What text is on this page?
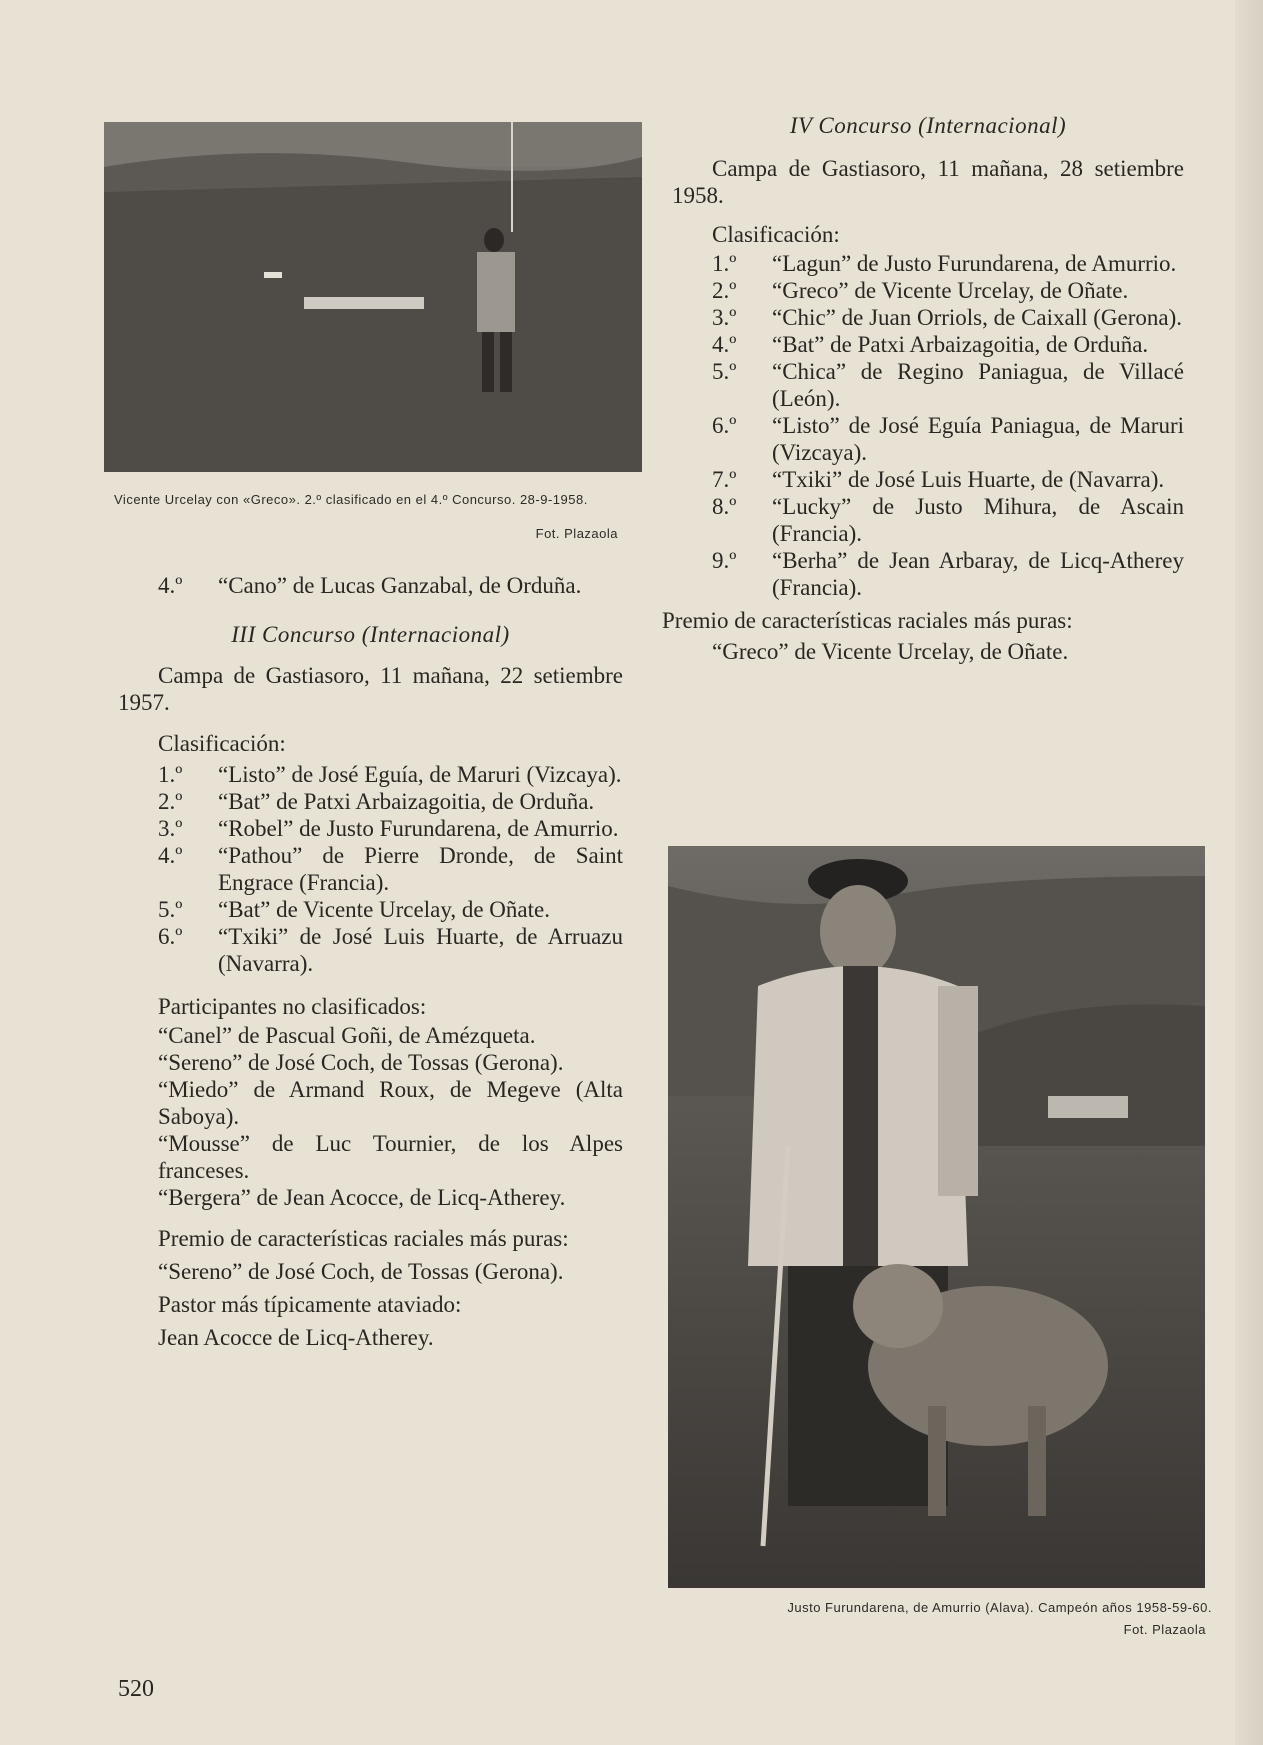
Vicente Urcelay con «Greco». 2.º clasificado en el 4.º Concurso. 28-9-1958.
Fot. Plazaola
4.º	“Cano” de Lucas Ganzabal, de Orduña.
III Concurso (Internacional)
Campa de Gastiasoro, 11 mañana, 22 setiembre 1957.
Clasificación:
1.º	“Listo” de José Eguía, de Maruri (Vizcaya).
2.º	“Bat” de Patxi Arbaizagoitia, de Orduña.
3.º	“Robel” de Justo Furundarena, de Amurrio.
4.º	“Pathou” de Pierre Dronde, de Saint Engrace (Francia).
5.º	“Bat” de Vicente Urcelay, de Oñate.
6.º	“Txiki” de José Luis Huarte, de Arruazu (Navarra).
Participantes no clasificados:
“Canel” de Pascual Goñi, de Amézqueta.
“Sereno” de José Coch, de Tossas (Gerona).
“Miedo” de Armand Roux, de Megeve (Alta Saboya).
“Mousse” de Luc Tournier, de los Alpes franceses.
“Bergera” de Jean Acocce, de Licq-Atherey.
Premio de características raciales más puras:
“Sereno” de José Coch, de Tossas (Gerona).
Pastor más típicamente ataviado:
Jean Acocce de Licq-Atherey.
IV Concurso (Internacional)
Campa de Gastiasoro, 11 mañana, 28 setiembre 1958.
Clasificación:
1.º	“Lagun” de Justo Furundarena, de Amurrio.
2.º	“Greco” de Vicente Urcelay, de Oñate.
3.º	“Chic” de Juan Orriols, de Caixall (Gerona).
4.º	“Bat” de Patxi Arbaizagoitia, de Orduña.
5.º	“Chica” de Regino Paniagua, de Villacé (León).
6.º	“Listo” de José Eguía Paniagua, de Maruri (Vizcaya).
7.º	“Txiki” de José Luis Huarte, de (Navarra).
8.º	“Lucky” de Justo Mihura, de Ascain (Francia).
9.º	“Berha” de Jean Arbaray, de Licq-Atherey (Francia).
Premio de características raciales más puras:
“Greco” de Vicente Urcelay, de Oñate.
Justo Furundarena, de Amurrio (Alava). Campeón años 1958-59-60.
Fot. Plazaola
520
